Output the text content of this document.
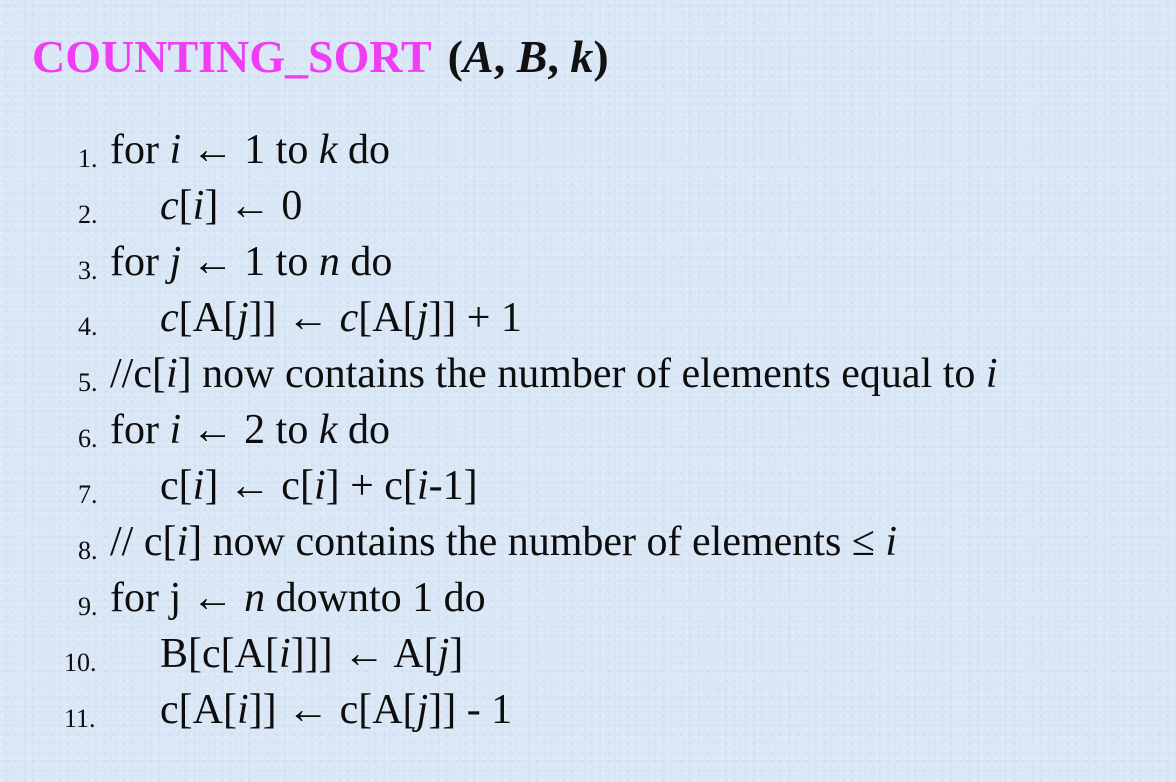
COUNTING_SORT (A, B, k)
1. for i ← 1 to k do
2. c[i] ← 0
3. for j ← 1 to n do
4. c[A[j]] ← c[A[j]] + 1
5. //c[i] now contains the number of elements equal to i
6. for i ← 2 to k do
7. c[i] ← c[i] + c[i-1]
8. // c[i] now contains the number of elements ≤ i
9. for j ← n downto 1 do
10. B[c[A[i]]] ← A[j]
11. c[A[i]] ← c[A[j]] - 1
